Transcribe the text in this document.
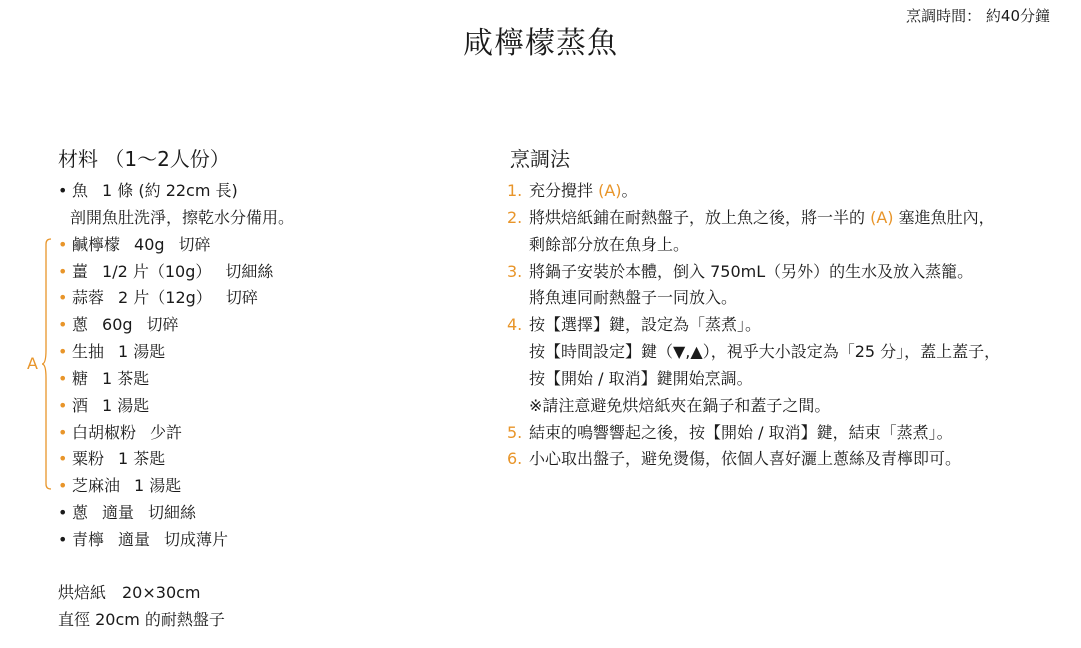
烹調時間： 約40分鐘
咸檸檬蒸魚
材料 （1～2人份）	烹調法
• 魚 1 條 (約 22cm 長)
剖開魚肚洗淨，擦乾水分備用。
• 鹹檸檬 40g 切碎
• 薑 1/2 片（10g） 切細絲
• 蒜蓉 2 片（12g） 切碎
• 蔥 60g 切碎
• 生抽 1 湯匙
• 糖 1 茶匙
• 酒 1 湯匙
• 白胡椒粉 少許
• 粟粉 1 茶匙
• 芝麻油 1 湯匙
• 蔥 適量 切細絲
• 青檸 適量 切成薄片
A
烘焙紙　20×30cm
直徑 20cm 的耐熱盤子
1. 充分攪拌 (A)。
2. 將烘焙紙鋪在耐熱盤子，放上魚之後，將一半的 (A) 塞進魚肚內，
剩餘部分放在魚身上。
3. 將鍋子安裝於本體，倒入 750mL（另外）的生水及放入蒸籠。
將魚連同耐熱盤子一同放入。
4. 按【選擇】鍵，設定為「蒸煮」。
按【時間設定】鍵（▼,▲），視乎大小設定為「25 分」，蓋上蓋子，
按【開始 / 取消】鍵開始烹調。
※請注意避免烘焙紙夾在鍋子和蓋子之間。
5. 結束的鳴響響起之後，按【開始 / 取消】鍵，結束「蒸煮」。
6. 小心取出盤子，避免燙傷，依個人喜好灑上蔥絲及青檸即可。
